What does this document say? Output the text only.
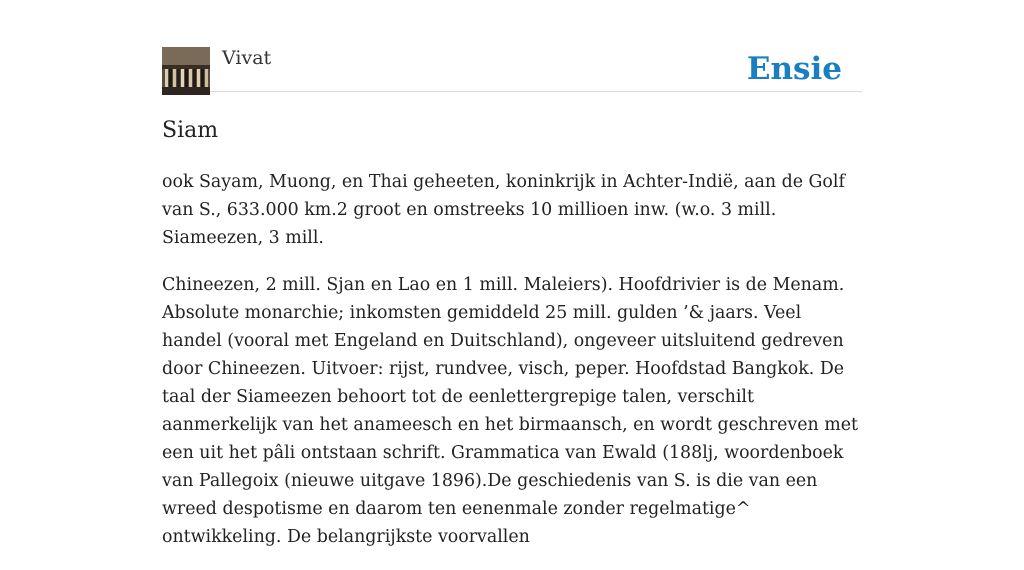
Vivat	Ensie
Siam

ook Sayam, Muong, en Thai geheeten, koninkrijk in Achter-Indië, aan de Golf van S., 633.000 km.2 groot en omstreeks 10 millioen inw. (w.o. 3 mill. Siameezen, 3 mill.

Chineezen, 2 mill. Sjan en Lao en 1 mill. Maleiers). Hoofdrivier is de Menam. Absolute monarchie; inkomsten gemiddeld 25 mill. gulden ’& jaars. Veel handel (vooral met Engeland en Duitschland), ongeveer uitsluitend gedreven door Chineezen. Uitvoer: rijst, rundvee, visch, peper. Hoofdstad Bangkok. De taal der Siameezen behoort tot de eenlettergrepige talen, verschilt aanmerkelijk van het anameesch en het birmaansch, en wordt geschreven met een uit het pâli ontstaan schrift. Grammatica van Ewald (188lj, woordenboek van Pallegoix (nieuwe uitgave 1896).De geschiedenis van S. is die van een wreed despotisme en daarom ten eenenmale zonder regelmatige^ ontwikkeling. De belangrijkste voorvallen
